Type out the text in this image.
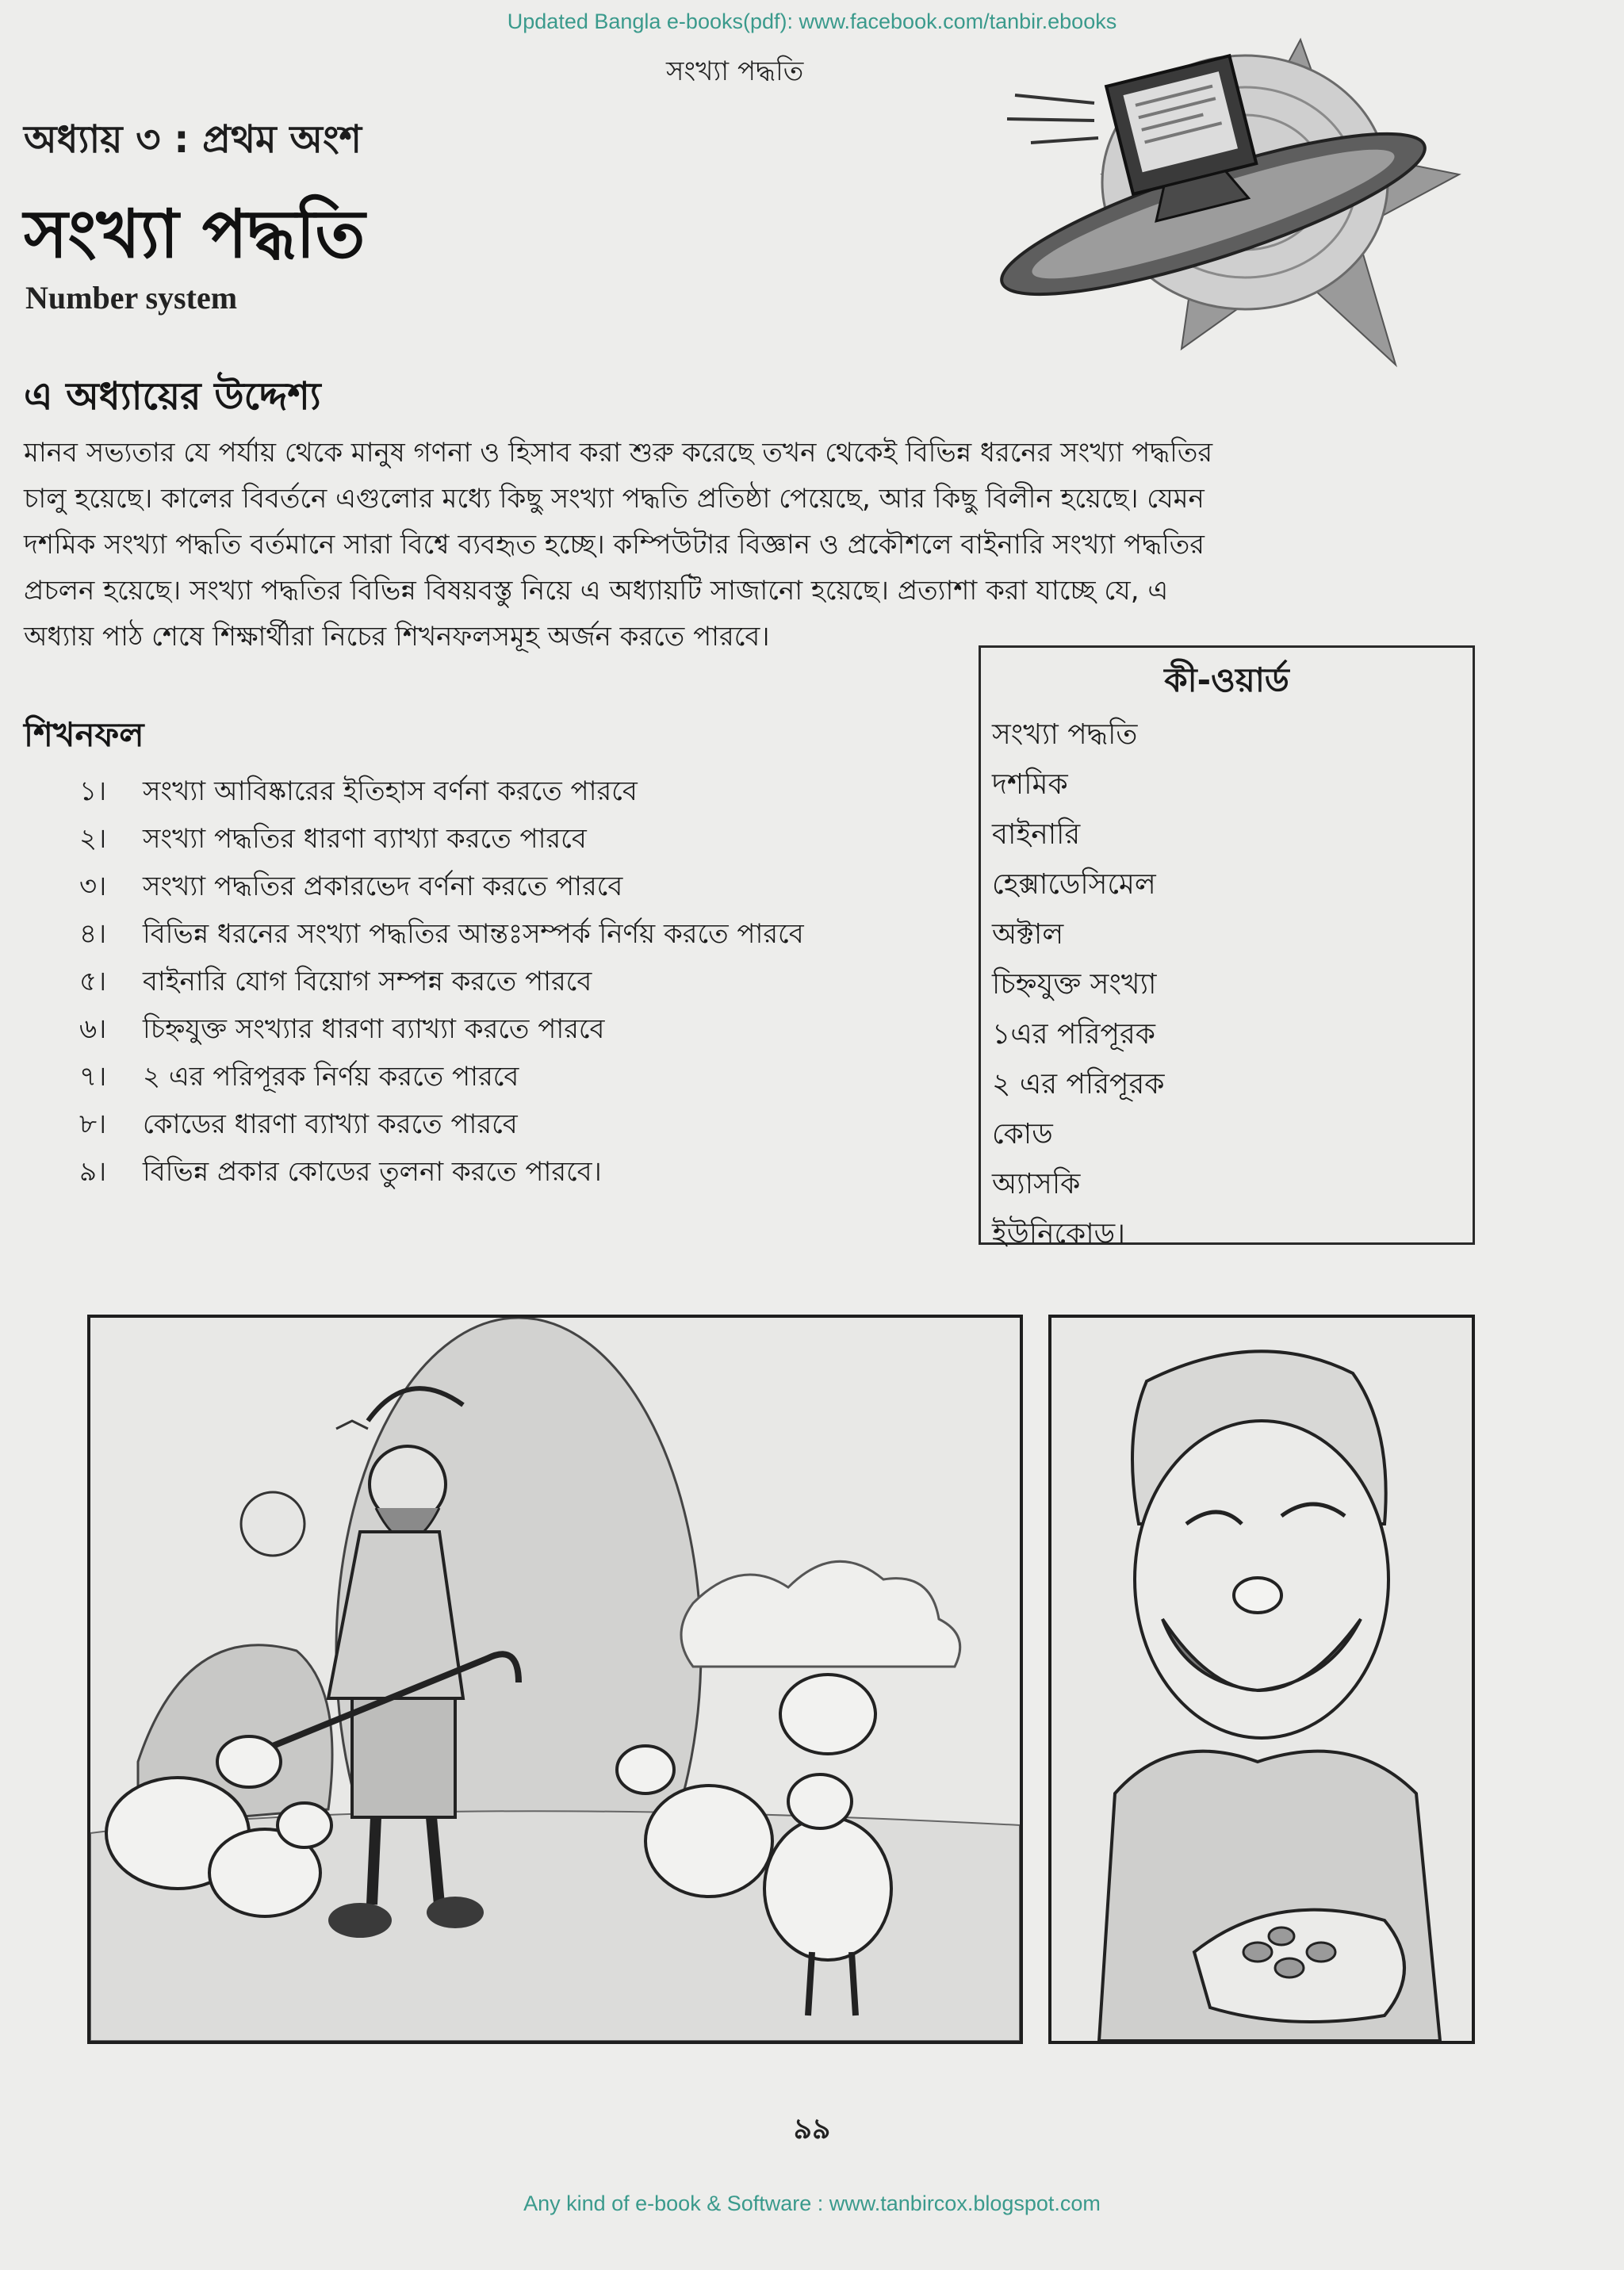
Updated Bangla e-books(pdf): www.facebook.com/tanbir.ebooks
সংখ্যা পদ্ধতি
অধ্যায় ৩ : প্রথম অংশ
সংখ্যা পদ্ধতি
Number system
এ অধ্যায়ের উদ্দেশ্য
মানব সভ্যতার যে পর্যায় থেকে মানুষ গণনা ও হিসাব করা শুরু করেছে তখন থেকেই বিভিন্ন ধরনের সংখ্যা পদ্ধতির
চালু হয়েছে। কালের বিবর্তনে এগুলোর মধ্যে কিছু সংখ্যা পদ্ধতি প্রতিষ্ঠা পেয়েছে, আর কিছু বিলীন হয়েছে। যেমন
দশমিক সংখ্যা পদ্ধতি বর্তমানে সারা বিশ্বে ব্যবহৃত হচ্ছে। কম্পিউটার বিজ্ঞান ও প্রকৌশলে বাইনারি সংখ্যা পদ্ধতির
প্রচলন হয়েছে। সংখ্যা পদ্ধতির বিভিন্ন বিষয়বস্তু নিয়ে এ অধ্যায়টি সাজানো হয়েছে। প্রত্যাশা করা যাচ্ছে যে, এ
অধ্যায় পাঠ শেষে শিক্ষার্থীরা নিচের শিখনফলসমূহ অর্জন করতে পারবে।
শিখনফল
১।	সংখ্যা আবিষ্কারের ইতিহাস বর্ণনা করতে পারবে
২।	সংখ্যা পদ্ধতির ধারণা ব্যাখ্যা করতে পারবে
৩।	সংখ্যা পদ্ধতির প্রকারভেদ বর্ণনা করতে পারবে
৪।	বিভিন্ন ধরনের সংখ্যা পদ্ধতির আন্তঃসম্পর্ক নির্ণয় করতে পারবে
৫।	বাইনারি যোগ বিয়োগ সম্পন্ন করতে পারবে
৬।	চিহ্নযুক্ত সংখ্যার ধারণা ব্যাখ্যা করতে পারবে
৭।	২ এর পরিপূরক নির্ণয় করতে পারবে
৮।	কোডের ধারণা ব্যাখ্যা করতে পারবে
৯।	বিভিন্ন প্রকার কোডের তুলনা করতে পারবে।
কী-ওয়ার্ড
সংখ্যা পদ্ধতি
দশমিক
বাইনারি
হেক্সাডেসিমেল
অক্টাল
চিহ্নযুক্ত সংখ্যা
১এর পরিপূরক
২ এর পরিপূরক
কোড
অ্যাসকি
ইউনিকোড।
৯৯
Any kind of e-book & Software : www.tanbircox.blogspot.com
